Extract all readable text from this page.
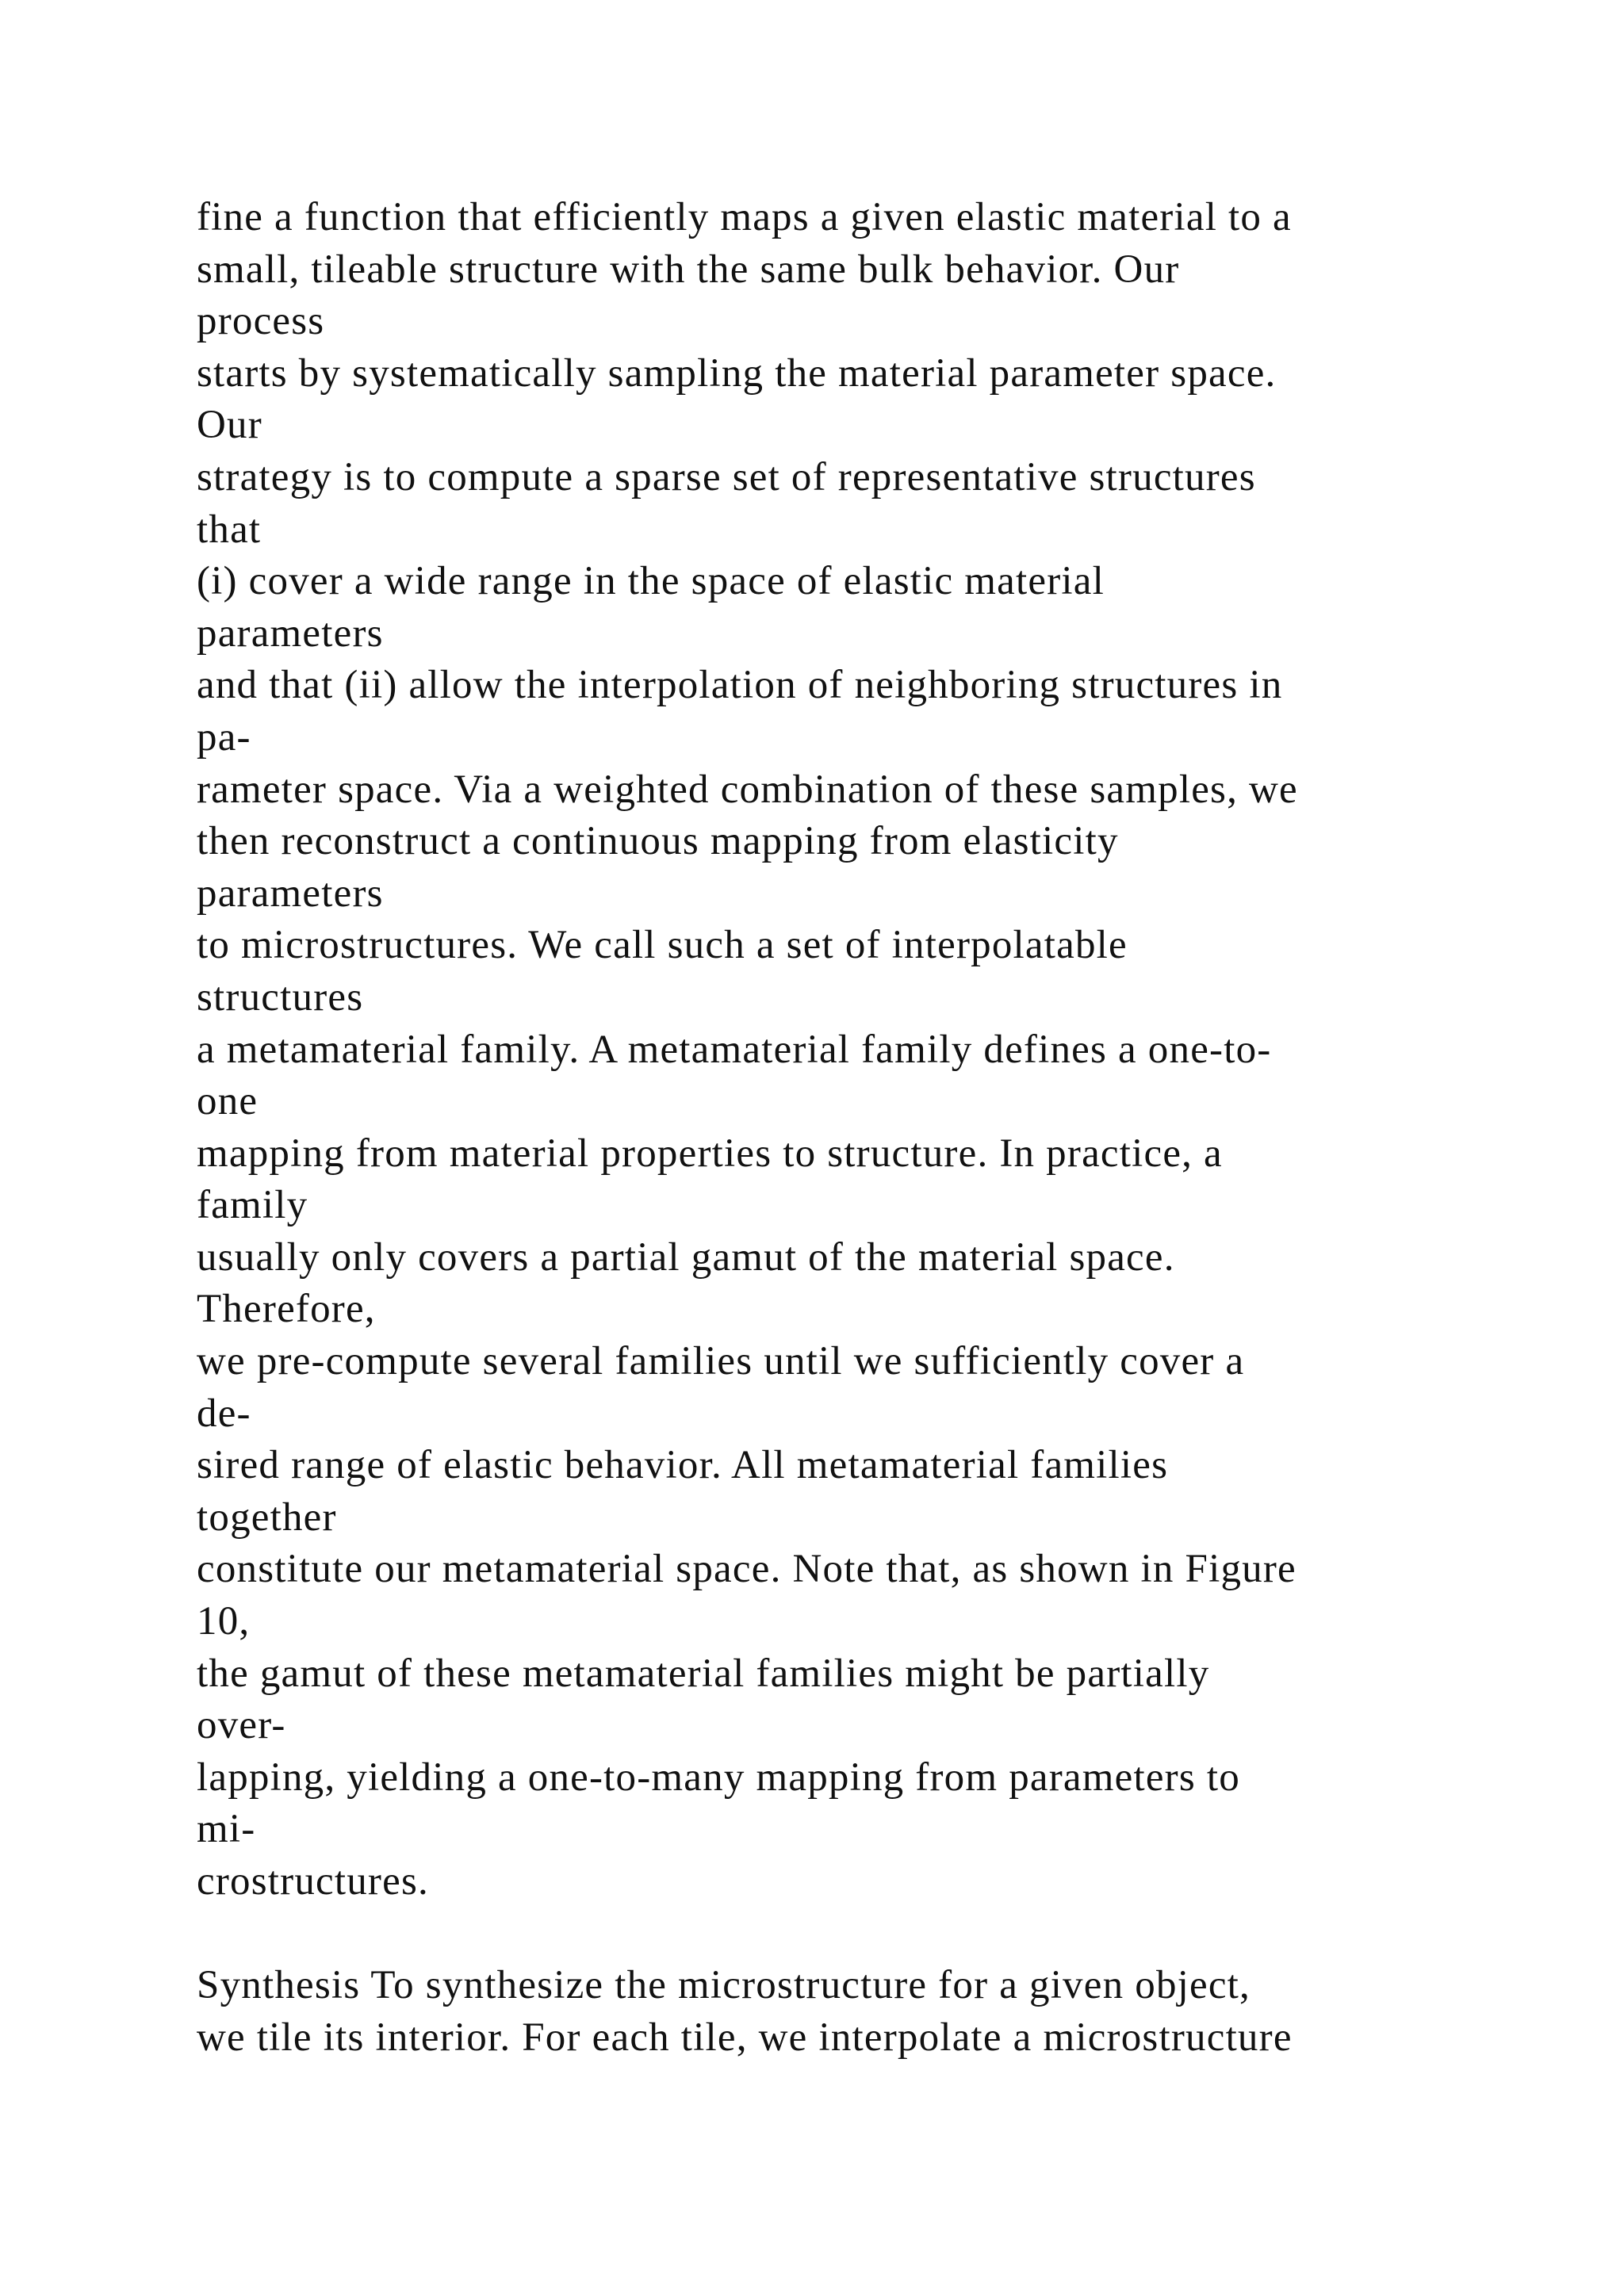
fine a function that efficiently maps a given elastic material to a
small, tileable structure with the same bulk behavior. Our
process
starts by systematically sampling the material parameter space.
Our
strategy is to compute a sparse set of representative structures
that
(i) cover a wide range in the space of elastic material
parameters
and that (ii) allow the interpolation of neighboring structures in
pa-
rameter space. Via a weighted combination of these samples, we
then reconstruct a continuous mapping from elasticity
parameters
to microstructures. We call such a set of interpolatable
structures
a metamaterial family. A metamaterial family defines a one-to-
one
mapping from material properties to structure. In practice, a
family
usually only covers a partial gamut of the material space.
Therefore,
we pre-compute several families until we sufficiently cover a
de-
sired range of elastic behavior. All metamaterial families
together
constitute our metamaterial space. Note that, as shown in Figure
10,
the gamut of these metamaterial families might be partially
over-
lapping, yielding a one-to-many mapping from parameters to
mi-
crostructures.
Synthesis To synthesize the microstructure for a given object,
we tile its interior. For each tile, we interpolate a microstructure
